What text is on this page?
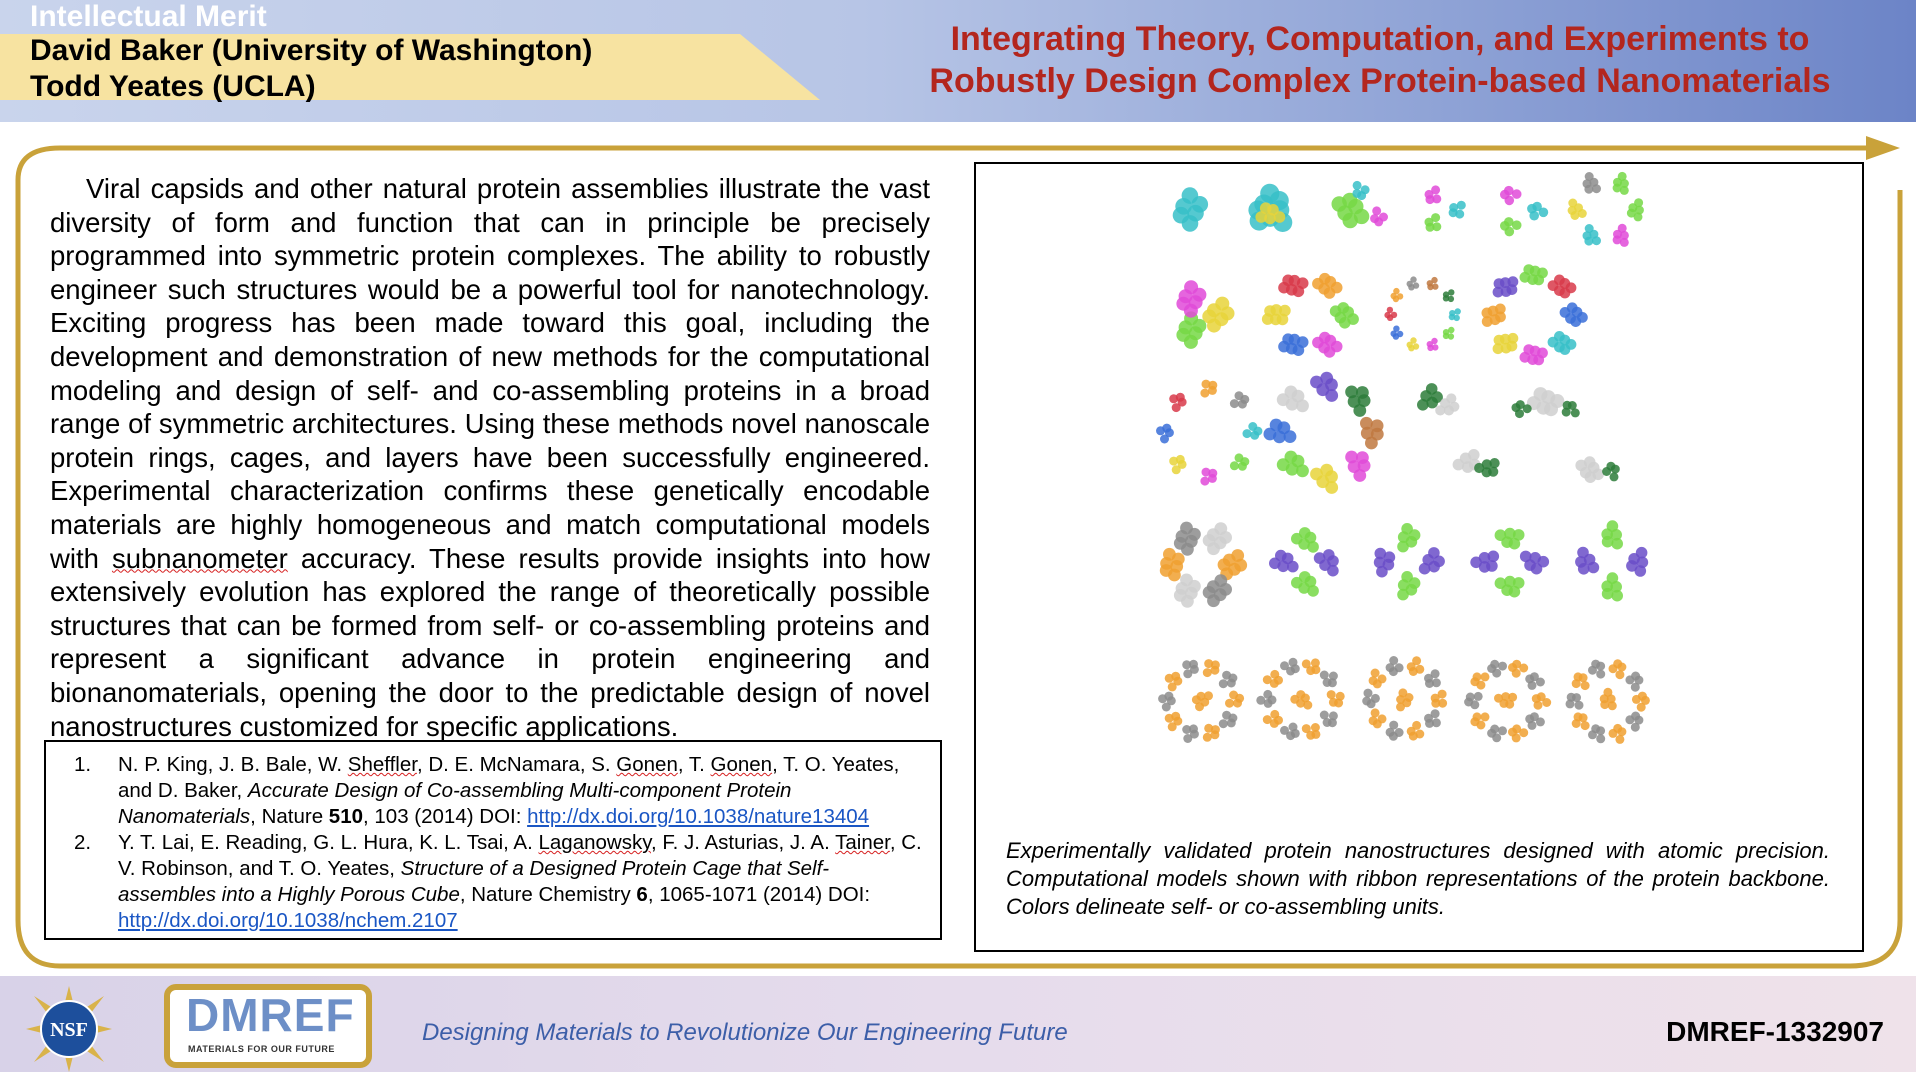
Intellectual Merit
David Baker (University of Washington)
Todd Yeates (UCLA)
Integrating Theory, Computation, and Experiments to
Robustly Design Complex Protein-based Nanomaterials
Viral capsids and other natural protein assemblies illustrate the vast diversity of form and function that can in principle be precisely programmed into symmetric protein complexes. The ability to robustly engineer such structures would be a powerful tool for nanotechnology. Exciting progress has been made toward this goal, including the development and demonstration of new methods for the computational modeling and design of self- and co-assembling proteins in a broad range of symmetric architectures. Using these methods novel nanoscale protein rings, cages, and layers have been successfully engineered. Experimental characterization confirms these genetically encodable materials are highly homogeneous and match computational models with subnanometer accuracy. These results provide insights into how extensively evolution has explored the range of theoretically possible structures that can be formed from self- or co-assembling proteins and represent a significant advance in protein engineering and bionanomaterials, opening the door to the predictable design of novel nanostructures customized for specific applications.
1.	N. P. King, J. B. Bale, W. Sheffler, D. E. McNamara, S. Gonen, T. Gonen, T. O. Yeates, and D. Baker, Accurate Design of Co-assembling Multi-component Protein Nanomaterials, Nature 510, 103 (2014) DOI: http://dx.doi.org/10.1038/nature13404
2.	Y. T. Lai, E. Reading, G. L. Hura, K. L. Tsai, A. Laganowsky, F. J. Asturias, J. A. Tainer, C. V. Robinson, and T. O. Yeates, Structure of a Designed Protein Cage that Self-assembles into a Highly Porous Cube, Nature Chemistry 6, 1065-1071 (2014) DOI: http://dx.doi.org/10.1038/nchem.2107
Experimentally validated protein nanostructures designed with atomic precision. Computational models shown with ribbon representations of the protein backbone. Colors delineate self- or co-assembling units.
NSF DMREF
MATERIALS FOR OUR FUTURE
Designing Materials to Revolutionize Our Engineering Future	DMREF-1332907
